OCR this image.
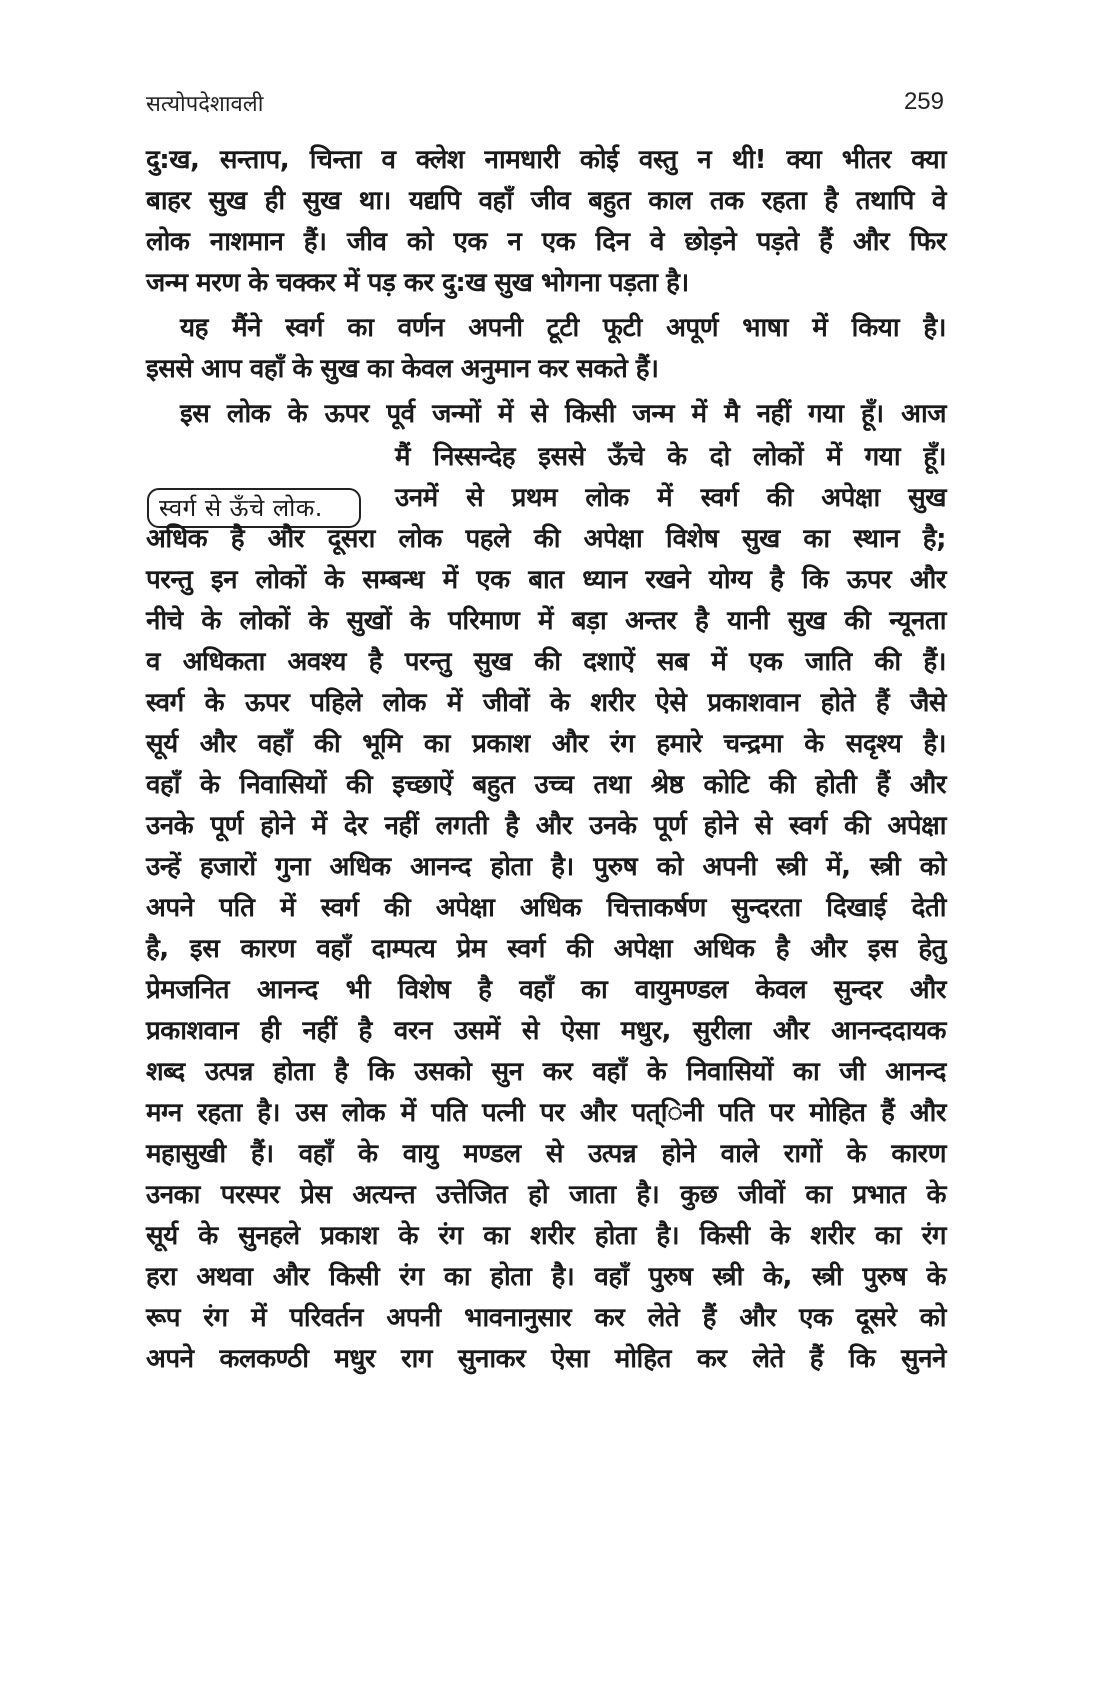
सत्योपदेशावली	259
स्वर्ग से ऊँचे लोक.
दु:ख, सन्ताप, चिन्ता व क्लेश नामधारी कोई वस्तु न थी! क्या भीतर क्या
बाहर सुख ही सुख था। यद्यपि वहाँ जीव बहुत काल तक रहता है तथापि वे
लोक नाशमान हैं। जीव को एक न एक दिन वे छोड़ने पड़ते हैं और फिर
जन्म मरण के चक्कर में पड़ कर दु:ख सुख भोगना पड़ता है।
यह मैंने स्वर्ग का वर्णन अपनी टूटी फूटी अपूर्ण भाषा में किया है।
इससे आप वहाँ के सुख का केवल अनुमान कर सकते हैं।
इस लोक के ऊपर पूर्व जन्मों में से किसी जन्म में मै नहीं गया हूँ। आज
मैं निस्सन्देह इससे ऊँचे के दो लोकों में गया हूँ।
उनमें से प्रथम लोक में स्वर्ग की अपेक्षा सुख
अधिक है और दूसरा लोक पहले की अपेक्षा विशेष सुख का स्थान है;
परन्तु इन लोकों के सम्बन्ध में एक बात ध्यान रखने योग्य है कि ऊपर और
नीचे के लोकों के सुखों के परिमाण में बड़ा अन्तर है यानी सुख की न्यूनता
व अधिकता अवश्य है परन्तु सुख की दशाऐं सब में एक जाति की हैं।
स्वर्ग के ऊपर पहिले लोक में जीवों के शरीर ऐसे प्रकाशवान होते हैं जैसे
सूर्य और वहाँ की भूमि का प्रकाश और रंग हमारे चन्द्रमा के सदृश्य है।
वहाँ के निवासियों की इच्छाऐं बहुत उच्च तथा श्रेष्ठ कोटि की होती हैं और
उनके पूर्ण होने में देर नहीं लगती है और उनके पूर्ण होने से स्वर्ग की अपेक्षा
उन्हें हजारों गुना अधिक आनन्द होता है। पुरुष को अपनी स्त्री में, स्त्री को
अपने पति में स्वर्ग की अपेक्षा अधिक चित्ताकर्षण सुन्दरता दिखाई देती
है, इस कारण वहाँ दाम्पत्य प्रेम स्वर्ग की अपेक्षा अधिक है और इस हेतु
प्रेमजनित आनन्द भी विशेष है वहाँ का वायुमण्डल केवल सुन्दर और
प्रकाशवान ही नहीं है वरन उसमें से ऐसा मधुर, सुरीला और आनन्ददायक
शब्द उत्पन्न होता है कि उसको सुन कर वहाँ के निवासियों का जी आनन्द
मग्न रहता है। उस लोक में पति पत्नी पर और पत्िनी पति पर मोहित हैं और
महासुखी हैं। वहाँ के वायु मण्डल से उत्पन्न होने वाले रागों के कारण
उनका परस्पर प्रेस अत्यन्त उत्तेजित हो जाता है। कुछ जीवों का प्रभात के
सूर्य के सुनहले प्रकाश के रंग का शरीर होता है। किसी के शरीर का रंग
हरा अथवा और किसी रंग का होता है। वहाँ पुरुष स्त्री के, स्त्री पुरुष के
रूप रंग में परिवर्तन अपनी भावनानुसार कर लेते हैं और एक दूसरे को
अपने कलकण्ठी मधुर राग सुनाकर ऐसा मोहित कर लेते हैं कि सुनने
